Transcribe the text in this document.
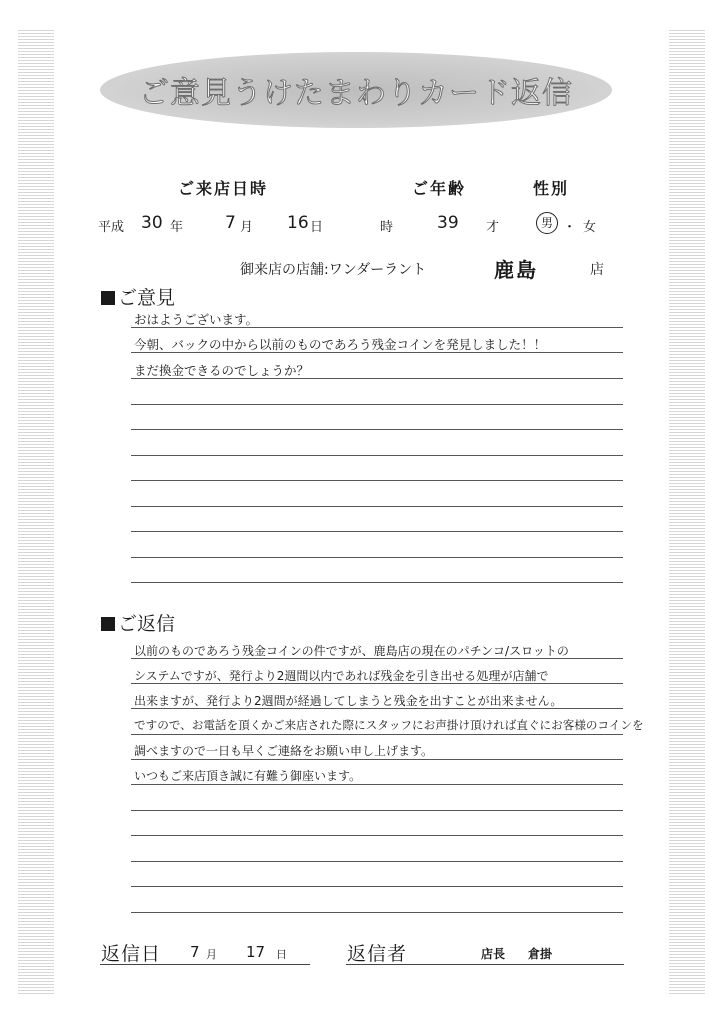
ご意見うけたまわりカード返信
ご来店日時	ご年齢	性別
平成 30 年 7 月 16 日	時	39 才	男 ・ 女
御来店の店舗:ワンダーラント	鹿島	店
ご意見
おはようございます。
今朝、バックの中から以前のものであろう残金コインを発見しました！！
まだ換金できるのでしょうか？
ご返信
以前のものであろう残金コインの件ですが、鹿島店の現在のパチンコ/スロットの
システムですが、発行より2週間以内であれば残金を引き出せる処理が店舗で
出来ますが、発行より2週間が経過してしまうと残金を出すことが出来ません。
ですので、お電話を頂くかご来店された際にスタッフにお声掛け頂ければ直ぐにお客様のコインを
調べますので一日も早くご連絡をお願い申し上げます。
いつもご来店頂き誠に有難う御座います。
返信日 7 月 17 日	返信者	店長 倉掛
